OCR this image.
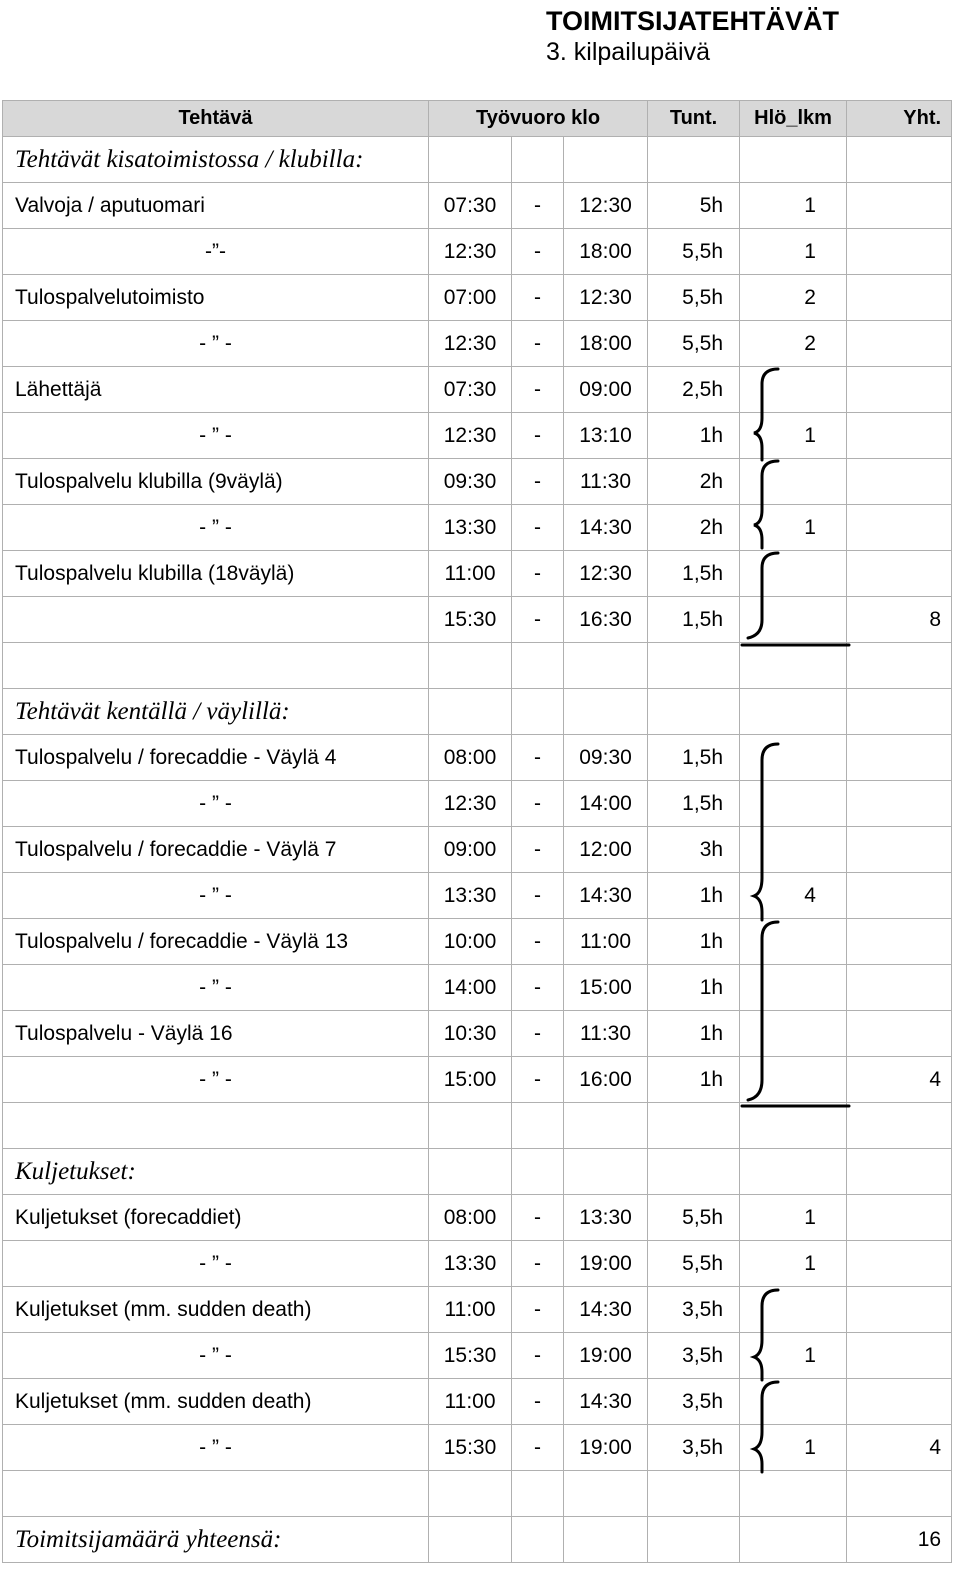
TOIMITSIJATEHTÄVÄT
3. kilpailupäivä
Tehtävä	Työvuoro klo			Tunt.	Hlö_lkm	Yht.
Tehtävät kisatoimistossa / klubilla:						
Valvoja / aputuomari	07:30	-	12:30	5h	1	
-”-	12:30	-	18:00	5,5h	1	
Tulospalvelutoimisto	07:00	-	12:30	5,5h	2	
- ” -	12:30	-	18:00	5,5h	2	
Lähettäjä	07:30	-	09:00	2,5h		
- ” -	12:30	-	13:10	1h	1	
Tulospalvelu klubilla (9väylä)	09:30	-	11:30	2h		
- ” -	13:30	-	14:30	2h	1	
Tulospalvelu klubilla (18väylä)	11:00	-	12:30	1,5h		
	15:30	-	16:30	1,5h		8

Tehtävät kentällä / väylillä:						
Tulospalvelu / forecaddie - Väylä 4	08:00	-	09:30	1,5h		
- ” -	12:30	-	14:00	1,5h		
Tulospalvelu / forecaddie - Väylä 7	09:00	-	12:00	3h		
- ” -	13:30	-	14:30	1h	4	
Tulospalvelu / forecaddie - Väylä 13	10:00	-	11:00	1h		
- ” -	14:00	-	15:00	1h		
Tulospalvelu - Väylä 16	10:30	-	11:30	1h		
- ” -	15:00	-	16:00	1h		4

Kuljetukset:						
Kuljetukset (forecaddiet)	08:00	-	13:30	5,5h	1	
- ” -	13:30	-	19:00	5,5h	1	
Kuljetukset (mm. sudden death)	11:00	-	14:30	3,5h		
- ” -	15:30	-	19:00	3,5h	1	
Kuljetukset (mm. sudden death)	11:00	-	14:30	3,5h		
- ” -	15:30	-	19:00	3,5h	1	4

Toimitsijamäärä yhteensä:						16
